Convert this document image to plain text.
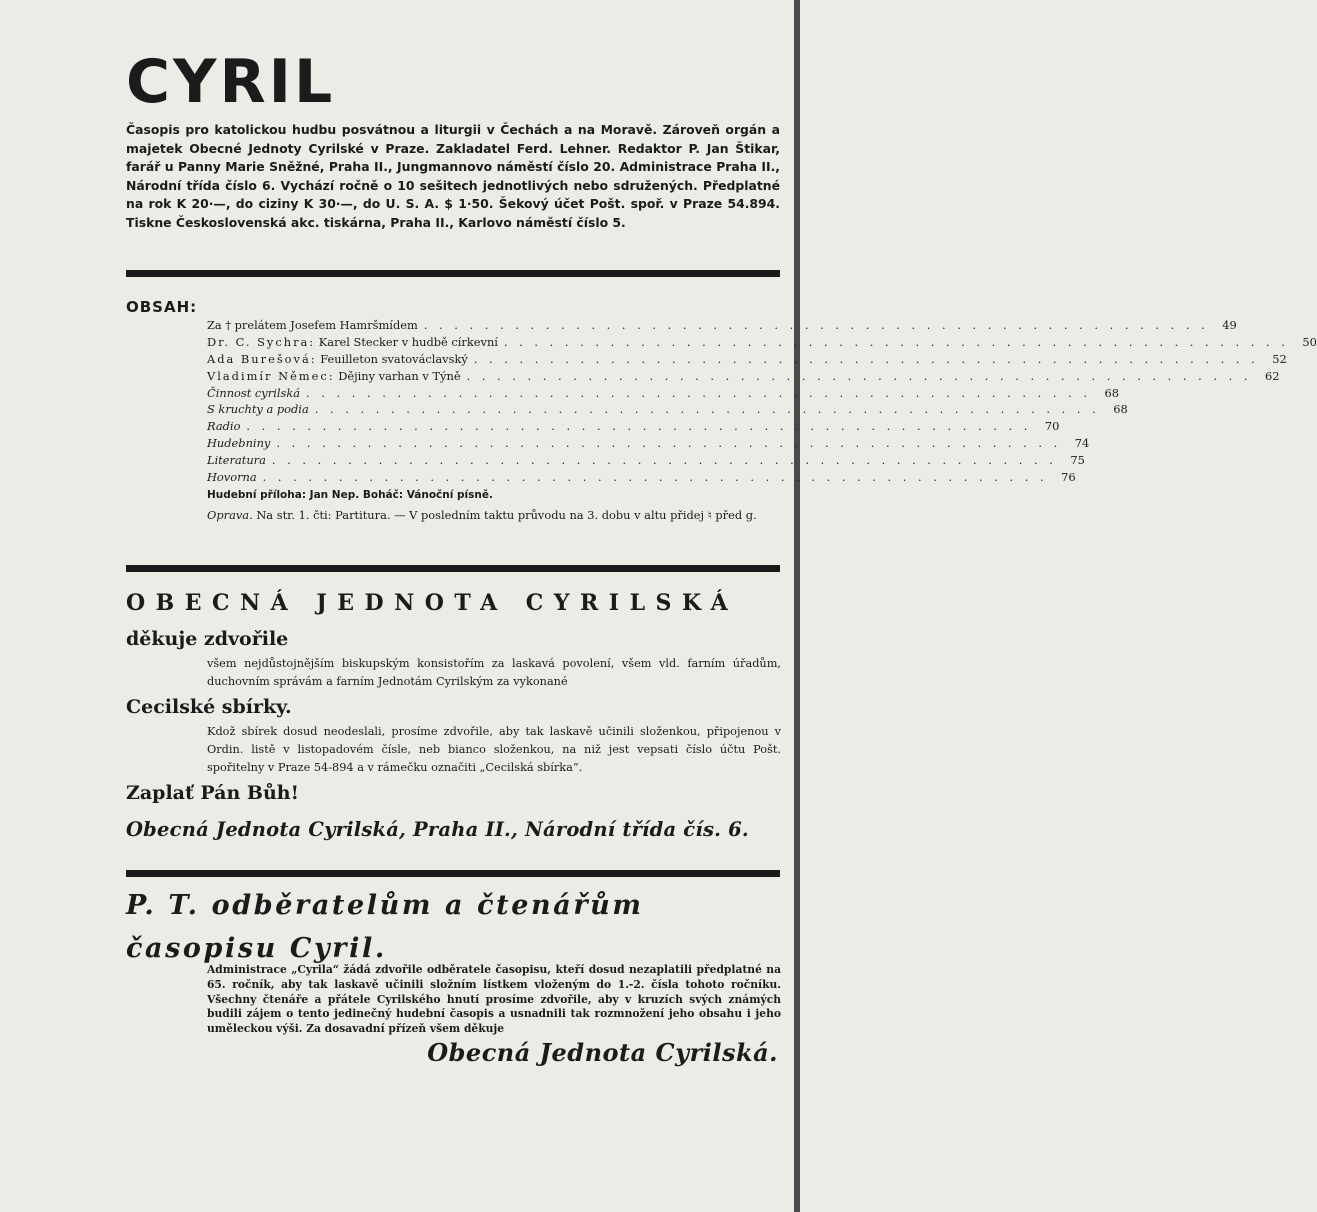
CYRIL

Časopis pro katolickou hudbu posvátnou a liturgii v Čechách a na Moravě. Zároveň orgán a majetek Obecné Jednoty Cyrilské v Praze. Zakladatel Ferd. Lehner. Redaktor P. Jan Štikar, farář u Panny Marie Sněžné, Praha II., Jungmannovo náměstí číslo 20. Administrace Praha II., Národní třída číslo 6. Vychází ročně o 10 sešitech jednotlivých nebo sdružených. Předplatné na rok K 20·—, do ciziny K 30·—, do U. S. A. $ 1·50. Šekový účet Pošt. spoř. v Praze 54.894. Tiskne Československá akc. tiskárna, Praha II., Karlovo náměstí číslo 5.

OBSAH:
Za † prelátem Josefem Hamršmídem . . . . . . . . . . . . . . . . . . . . . . . . . . . . . . . . . . . . . . . . . . . . . . . . . . . .	49
Dr. C. Sychra: Karel Stecker v hudbě církevní . . . . . . . . . . . . . . . . . . . . . . . . . . . . . . . . . . . . . . . . . . . . . . . . . . . .	50
Ada Burešová: Feuilleton svatováclavský . . . . . . . . . . . . . . . . . . . . . . . . . . . . . . . . . . . . . . . . . . . . . . . . . . . .	52
Vladimír Němec: Dějiny varhan v Týně . . . . . . . . . . . . . . . . . . . . . . . . . . . . . . . . . . . . . . . . . . . . . . . . . . . .	62
Činnost cyrilská . . . . . . . . . . . . . . . . . . . . . . . . . . . . . . . . . . . . . . . . . . . . . . . . . . . .	68
S kruchty a podia . . . . . . . . . . . . . . . . . . . . . . . . . . . . . . . . . . . . . . . . . . . . . . . . . . . .	68
Radio . . . . . . . . . . . . . . . . . . . . . . . . . . . . . . . . . . . . . . . . . . . . . . . . . . . .	70
Hudebniny . . . . . . . . . . . . . . . . . . . . . . . . . . . . . . . . . . . . . . . . . . . . . . . . . . . .	74
Literatura . . . . . . . . . . . . . . . . . . . . . . . . . . . . . . . . . . . . . . . . . . . . . . . . . . . .	75
Hovorna . . . . . . . . . . . . . . . . . . . . . . . . . . . . . . . . . . . . . . . . . . . . . . . . . . . .	76
Hudební příloha: Jan Nep. Boháč: Vánoční písně.
Oprava. Na str. 1. čti: Partitura. — V posledním taktu průvodu na 3. dobu v altu přidej ♮ před g.
OBECNÁ JEDNOTA CYRILSKÁ
děkuje zdvořile
všem nejdůstojnějším biskupským konsistořím za laskavá povolení, všem vld. farním úřadům, duchovním správám a farním Jednotám Cyrilským za vykonané
Cecilské sbírky.
Kdož sbírek dosud neodeslali, prosíme zdvořile, aby tak laskavě učinili složenkou, připojenou v Ordin. listě v listopadovém čísle, neb bianco složenkou, na niž jest vepsati číslo účtu Pošt. spořitelny v Praze 54-894 a v rámečku označiti „Cecilská sbírka“.
Zaplať Pán Bůh!
Obecná Jednota Cyrilská, Praha II., Národní třída čís. 6.
P. T. odběratelům a čtenářům časopisu Cyril.
Administrace „Cyrila“ žádá zdvořile odběratele časopisu, kteří dosud nezaplatili předplatné na 65. ročník, aby tak laskavě učinili složním lístkem vloženým do 1.-2. čísla tohoto ročníku. Všechny čtenáře a přátele Cyrilského hnutí prosíme zdvořile, aby v kruzích svých známých budili zájem o tento jedinečný hudební časopis a usnadnili tak rozmnožení jeho obsahu i jeho uměleckou výši. Za dosavadní přízeň všem děkuje
Obecná Jednota Cyrilská.
